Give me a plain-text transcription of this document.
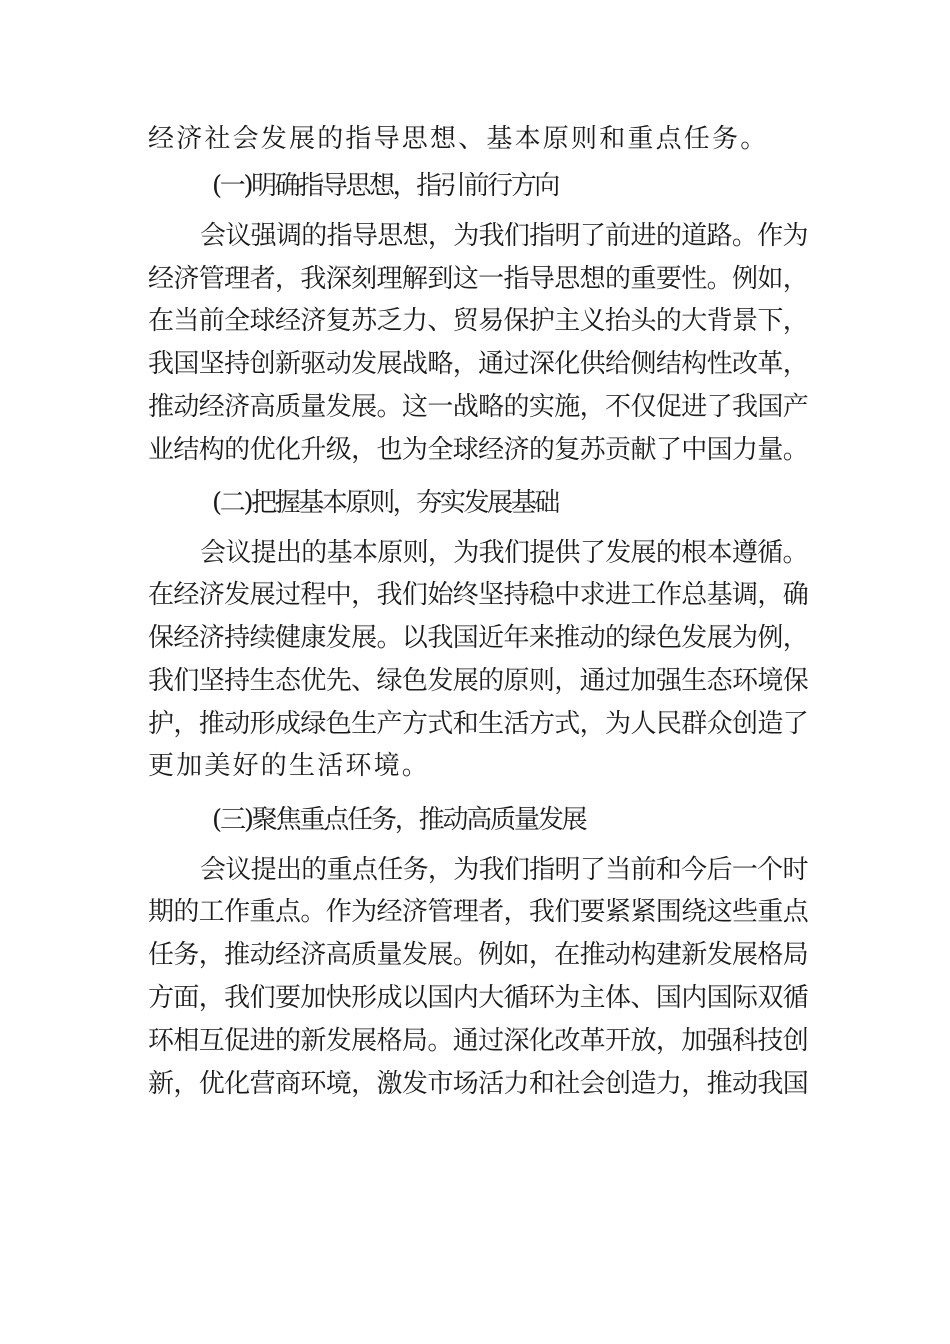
经济社会发展的指导思想、基本原则和重点任务。
(一)明确指导思想，指引前行方向
会议强调的指导思想，为我们指明了前进的道路。作为
经济管理者，我深刻理解到这一指导思想的重要性。例如，
在当前全球经济复苏乏力、贸易保护主义抬头的大背景下，
我国坚持创新驱动发展战略，通过深化供给侧结构性改革，
推动经济高质量发展。这一战略的实施，不仅促进了我国产
业结构的优化升级，也为全球经济的复苏贡献了中国力量。
(二)把握基本原则，夯实发展基础
会议提出的基本原则，为我们提供了发展的根本遵循。
在经济发展过程中，我们始终坚持稳中求进工作总基调，确
保经济持续健康发展。以我国近年来推动的绿色发展为例，
我们坚持生态优先、绿色发展的原则，通过加强生态环境保
护，推动形成绿色生产方式和生活方式，为人民群众创造了
更加美好的生活环境。
(三)聚焦重点任务，推动高质量发展
会议提出的重点任务，为我们指明了当前和今后一个时
期的工作重点。作为经济管理者，我们要紧紧围绕这些重点
任务，推动经济高质量发展。例如，在推动构建新发展格局
方面，我们要加快形成以国内大循环为主体、国内国际双循
环相互促进的新发展格局。通过深化改革开放，加强科技创
新，优化营商环境，激发市场活力和社会创造力，推动我国
